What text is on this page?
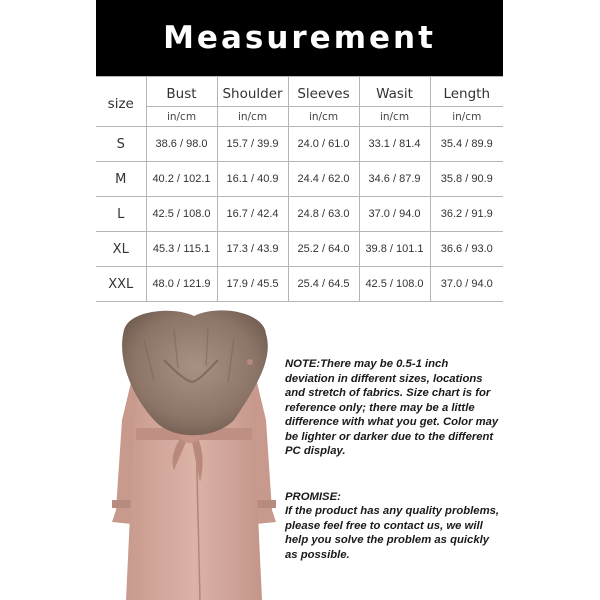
Measurement
size	Bust	Shoulder	Sleeves	Wasit	Length
	in/cm	in/cm	in/cm	in/cm	in/cm
S	38.6 / 98.0	15.7 / 39.9	24.0 / 61.0	33.1 / 81.4	35.4 / 89.9
M	40.2 / 102.1	16.1 / 40.9	24.4 / 62.0	34.6 / 87.9	35.8 / 90.9
L	42.5 / 108.0	16.7 / 42.4	24.8 / 63.0	37.0 / 94.0	36.2 / 91.9
XL	45.3 / 115.1	17.3 / 43.9	25.2 / 64.0	39.8 / 101.1	36.6 / 93.0
XXL	48.0 / 121.9	17.9 / 45.5	25.4 / 64.5	42.5 / 108.0	37.0 / 94.0
NOTE:There may be 0.5-1 inch deviation in different sizes, locations and stretch of fabrics. Size chart is for reference only; there may be a little difference with what you get. Color may be lighter or darker due to the different PC display.
PROMISE:
If the product has any quality problems, please feel free to contact us, we will help you solve the problem as quickly as possible.
